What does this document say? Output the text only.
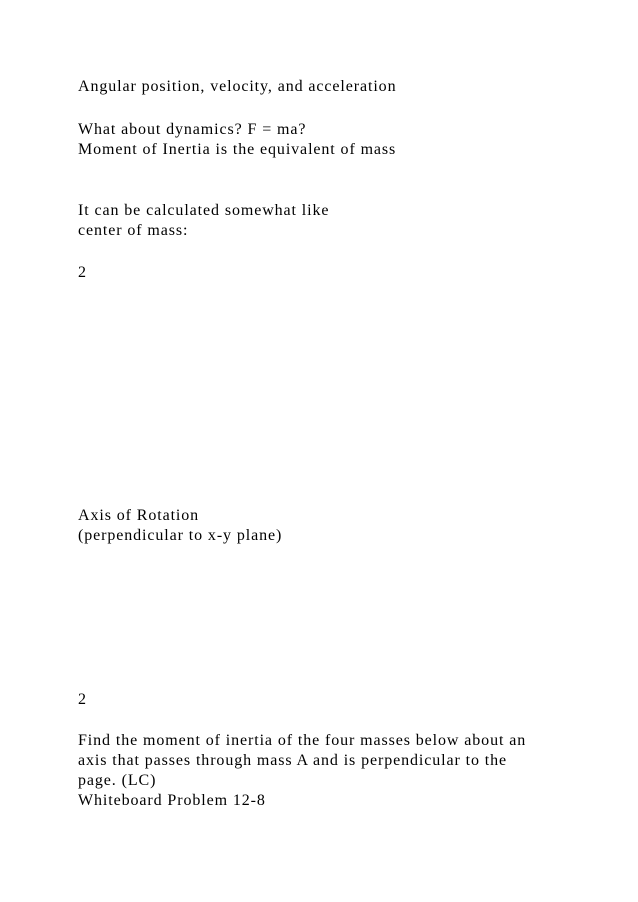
Angular position, velocity, and acceleration
What about dynamics? F = ma?
Moment of Inertia is the equivalent of mass
It can be calculated somewhat like
center of mass:
2
Axis of Rotation
(perpendicular to x-y plane)
2
Find the moment of inertia of the four masses below about an
axis that passes through mass A and is perpendicular to the
page. (LC)
Whiteboard Problem 12-8
